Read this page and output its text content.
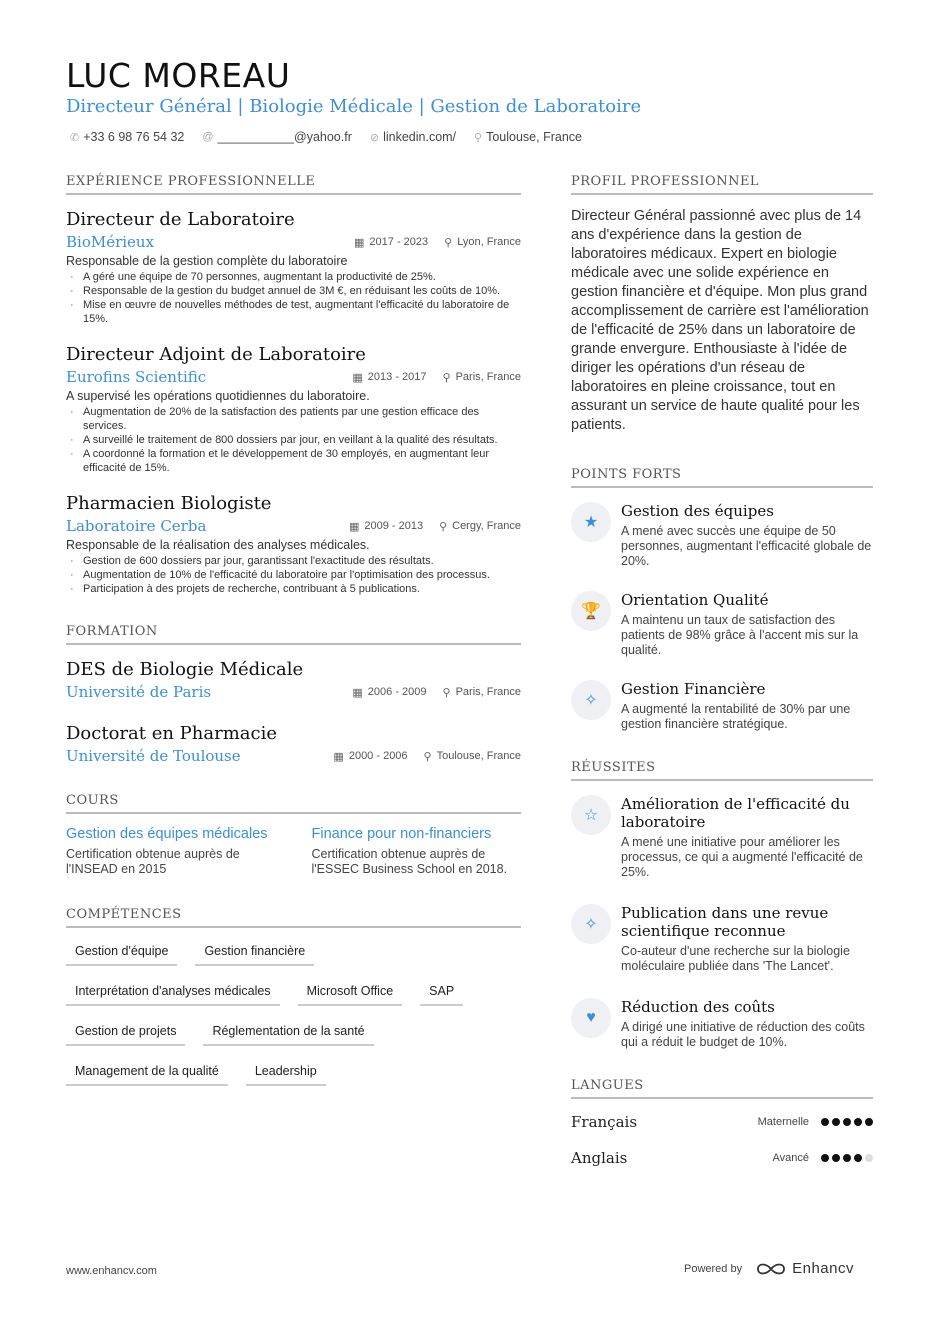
LUC MOREAU
Directeur Général | Biologie Médicale | Gestion de Laboratoire
✆ +33 6 98 76 54 32 @ ___________@yahoo.fr ⊘ linkedin.com/ ⚲ Toulouse, France
EXPÉRIENCE PROFESSIONNELLE
Directeur de Laboratoire
BioMérieux	▦ 2017 - 2023 ⚲ Lyon, France
Responsable de la gestion complète du laboratoire
· A géré une équipe de 70 personnes, augmentant la productivité de 25%.
· Responsable de la gestion du budget annuel de 3M €, en réduisant les coûts de 10%.
· Mise en œuvre de nouvelles méthodes de test, augmentant l'efficacité du laboratoire de 15%.
Directeur Adjoint de Laboratoire
Eurofins Scientific	▦ 2013 - 2017 ⚲ Paris, France
A supervisé les opérations quotidiennes du laboratoire.
· Augmentation de 20% de la satisfaction des patients par une gestion efficace des services.
· A surveillé le traitement de 800 dossiers par jour, en veillant à la qualité des résultats.
· A coordonné la formation et le développement de 30 employés, en augmentant leur efficacité de 15%.
Pharmacien Biologiste
Laboratoire Cerba	▦ 2009 - 2013 ⚲ Cergy, France
Responsable de la réalisation des analyses médicales.
· Gestion de 600 dossiers par jour, garantissant l'exactitude des résultats.
· Augmentation de 10% de l'efficacité du laboratoire par l'optimisation des processus.
· Participation à des projets de recherche, contribuant à 5 publications.
FORMATION
DES de Biologie Médicale
Université de Paris	▦ 2006 - 2009 ⚲ Paris, France
Doctorat en Pharmacie
Université de Toulouse	▦ 2000 - 2006 ⚲ Toulouse, France
COURS
Gestion des équipes médicales
Certification obtenue auprès de l'INSEAD en 2015
Finance pour non-financiers
Certification obtenue auprès de l'ESSEC Business School en 2018.
COMPÉTENCES
Gestion d'équipe	Gestion financière
Interprétation d'analyses médicales	Microsoft Office	SAP
Gestion de projets	Réglementation de la santé
Management de la qualité	Leadership
PROFIL PROFESSIONNEL
Directeur Général passionné avec plus de 14 ans d'expérience dans la gestion de laboratoires médicaux. Expert en biologie médicale avec une solide expérience en gestion financière et d'équipe. Mon plus grand accomplissement de carrière est l'amélioration de l'efficacité de 25% dans un laboratoire de grande envergure. Enthousiaste à l'idée de diriger les opérations d'un réseau de laboratoires en pleine croissance, tout en assurant un service de haute qualité pour les patients.
POINTS FORTS
★
Gestion des équipes
A mené avec succès une équipe de 50 personnes, augmentant l'efficacité globale de 20%.
🏆
Orientation Qualité
A maintenu un taux de satisfaction des patients de 98% grâce à l'accent mis sur la qualité.
✧
Gestion Financière
A augmenté la rentabilité de 30% par une gestion financière stratégique.
RÉUSSITES
☆
Amélioration de l'efficacité du laboratoire
A mené une initiative pour améliorer les processus, ce qui a augmenté l'efficacité de 25%.
✧
Publication dans une revue scientifique reconnue
Co-auteur d'une recherche sur la biologie moléculaire publiée dans 'The Lancet'.
♥
Réduction des coûts
A dirigé une initiative de réduction des coûts qui a réduit le budget de 10%.
LANGUES
Français	Maternelle
Anglais	Avancé
www.enhancv.com	Powered by	Enhancv
